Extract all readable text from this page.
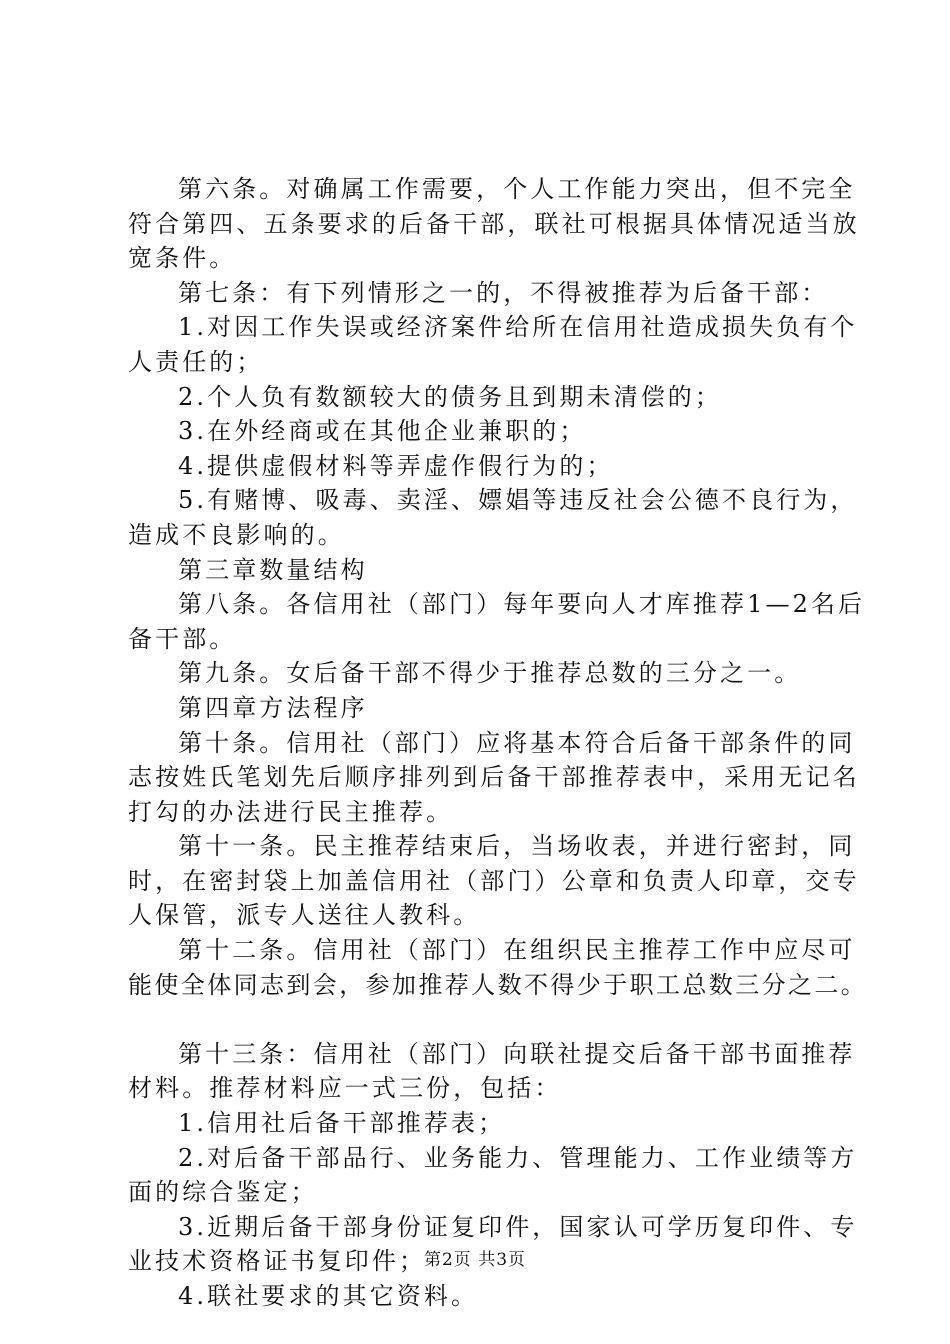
第六条。对确属工作需要，个人工作能力突出，但不完全
符合第四、五条要求的后备干部，联社可根据具体情况适当放
宽条件。
第七条：有下列情形之一的，不得被推荐为后备干部：
1.对因工作失误或经济案件给所在信用社造成损失负有个
人责任的；
2.个人负有数额较大的债务且到期未清偿的；
3.在外经商或在其他企业兼职的；
4.提供虚假材料等弄虚作假行为的；
5.有赌博、吸毒、卖淫、嫖娼等违反社会公德不良行为，
造成不良影响的。
第三章数量结构
第八条。各信用社（部门）每年要向人才库推荐1—2名后
备干部。
第九条。女后备干部不得少于推荐总数的三分之一。
第四章方法程序
第十条。信用社（部门）应将基本符合后备干部条件的同
志按姓氏笔划先后顺序排列到后备干部推荐表中，采用无记名
打勾的办法进行民主推荐。
第十一条。民主推荐结束后，当场收表，并进行密封，同
时，在密封袋上加盖信用社（部门）公章和负责人印章，交专
人保管，派专人送往人教科。
第十二条。信用社（部门）在组织民主推荐工作中应尽可
能使全体同志到会，参加推荐人数不得少于职工总数三分之二。
第十三条：信用社（部门）向联社提交后备干部书面推荐
材料。推荐材料应一式三份，包括：
1.信用社后备干部推荐表；
2.对后备干部品行、业务能力、管理能力、工作业绩等方
面的综合鉴定；
3.近期后备干部身份证复印件，国家认可学历复印件、专
业技术资格证书复印件；
4.联社要求的其它资料。
第2页 共3页
